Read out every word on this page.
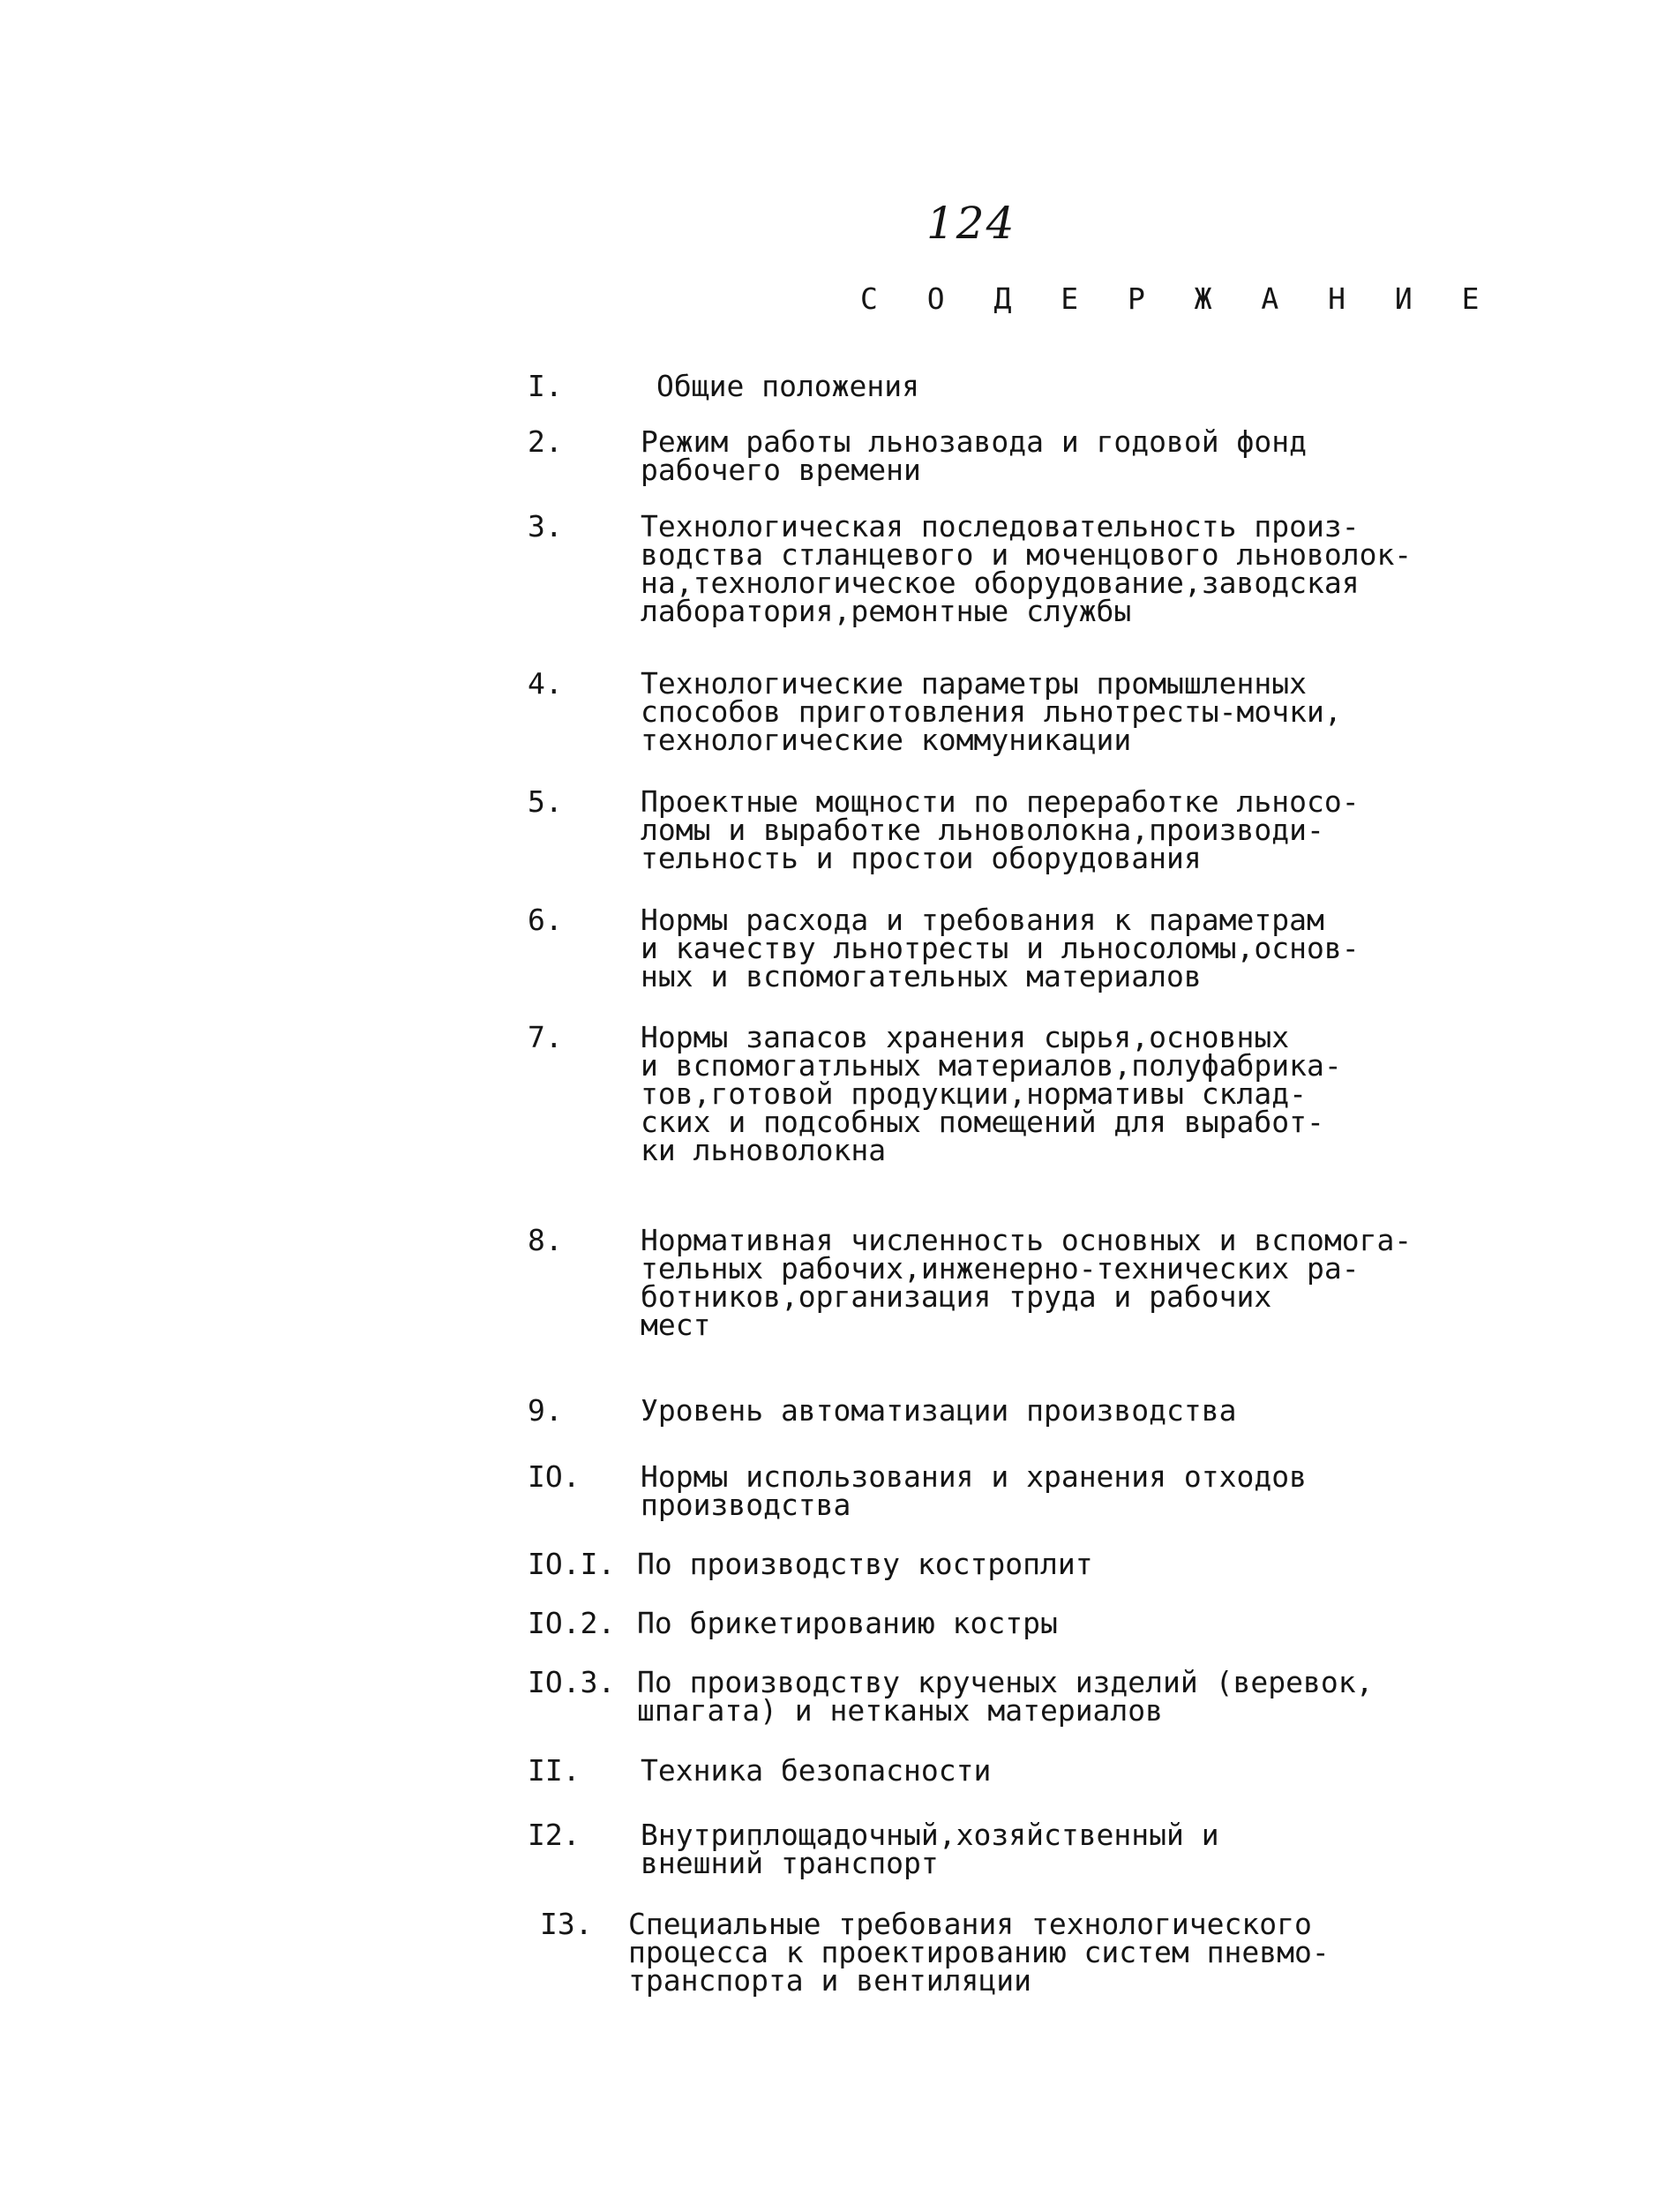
124
С О Д Е Р Ж А Н И Е
I.	Общие положения
2.	Режим работы льнозавода и годовой фонд
рабочего времени
3.	Технологическая последовательность произ-
водства стланцевого и моченцового льноволок-
на,технологическое оборудование,заводская
лаборатория,ремонтные службы
4.	Технологические параметры промышленных
способов приготовления льнотресты-мочки,
технологические коммуникации
5.	Проектные мощности по переработке льносо-
ломы и выработке льноволокна,производи-
тельность и простои оборудования
6.	Нормы расхода и требования к параметрам
и качеству льнотресты и льносоломы,основ-
ных и вспомогательных материалов
7.	Нормы запасов хранения сырья,основных
и вспомогатльных материалов,полуфабрика-
тов,готовой продукции,нормативы склад-
ских и подсобных помещений для выработ-
ки льноволокна
8.	Нормативная численность основных и вспомога-
тельных рабочих,инженерно-технических ра-
ботников,организация труда и рабочих
мест
9.	Уровень автоматизации производства
IO. Нормы использования и хранения отходов
производства
IO.I. По производству костроплит
IO.2. По брикетированию костры
IO.3. По производству крученых изделий (веревок,
шпагата) и нетканых материалов
II. Техника безопасности
I2. Внутриплощадочный,хозяйственный и
внешний транспорт
I3. Специальные требования технологического
процесса к проектированию систем пневмо-
транспорта и вентиляции
